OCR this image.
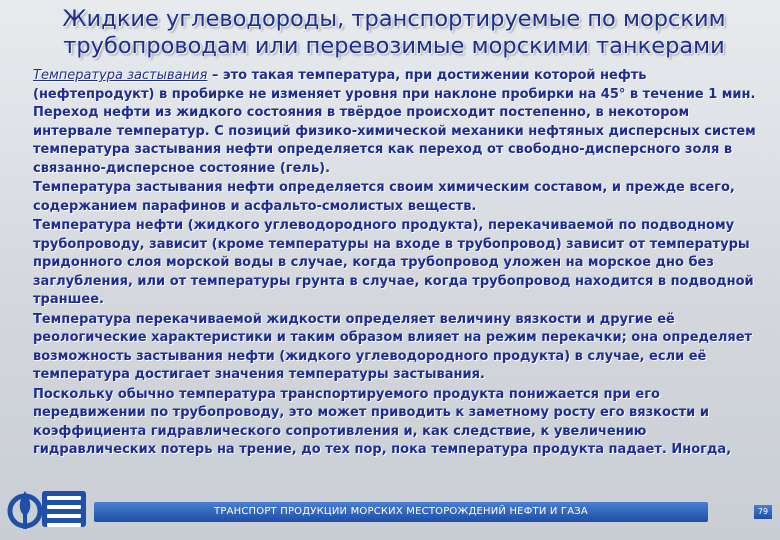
Жидкие углеводороды, транспортируемые по морским трубопроводам или перевозимые морскими танкерами

Температура застывания – это такая температура, при достижении которой нефть (нефтепродукт) в пробирке не изменяет уровня при наклоне пробирки на 45° в течение 1 мин. Переход нефти из жидкого состояния в твёрдое происходит постепенно, в некотором интервале температур. С позиций физико-химической механики нефтяных дисперсных систем температура застывания нефти определяется как переход от свободно-дисперсного золя в связанно-дисперсное состояние (гель).

Температура застывания нефти определяется своим химическим составом, и прежде всего, содержанием парафинов и асфальто-смолистых веществ.

Температура нефти (жидкого углеводородного продукта), перекачиваемой по подводному трубопроводу, зависит (кроме температуры на входе в трубопровод) зависит от температуры придонного слоя морской воды в случае, когда трубопровод уложен на морское дно без заглубления, или от температуры грунта в случае, когда трубопровод находится в подводной траншее.

Температура перекачиваемой жидкости определяет величину вязкости и другие её реологические характеристики и таким образом влияет на режим перекачки; она определяет возможность застывания нефти (жидкого углеводородного продукта) в случае, если её температура достигает значения температуры застывания.

Поскольку обычно температура транспортируемого продукта понижается при его передвижении по трубопроводу, это может приводить к заметному росту его вязкости и коэффициента гидравлического сопротивления и, как следствие, к увеличению гидравлических потерь на трение, до тех пор, пока температура продукта падает. Иногда,

ТРАНСПОРТ ПРОДУКЦИИ МОРСКИХ МЕСТОРОЖДЕНИЙ НЕФТИ И ГАЗА	79
